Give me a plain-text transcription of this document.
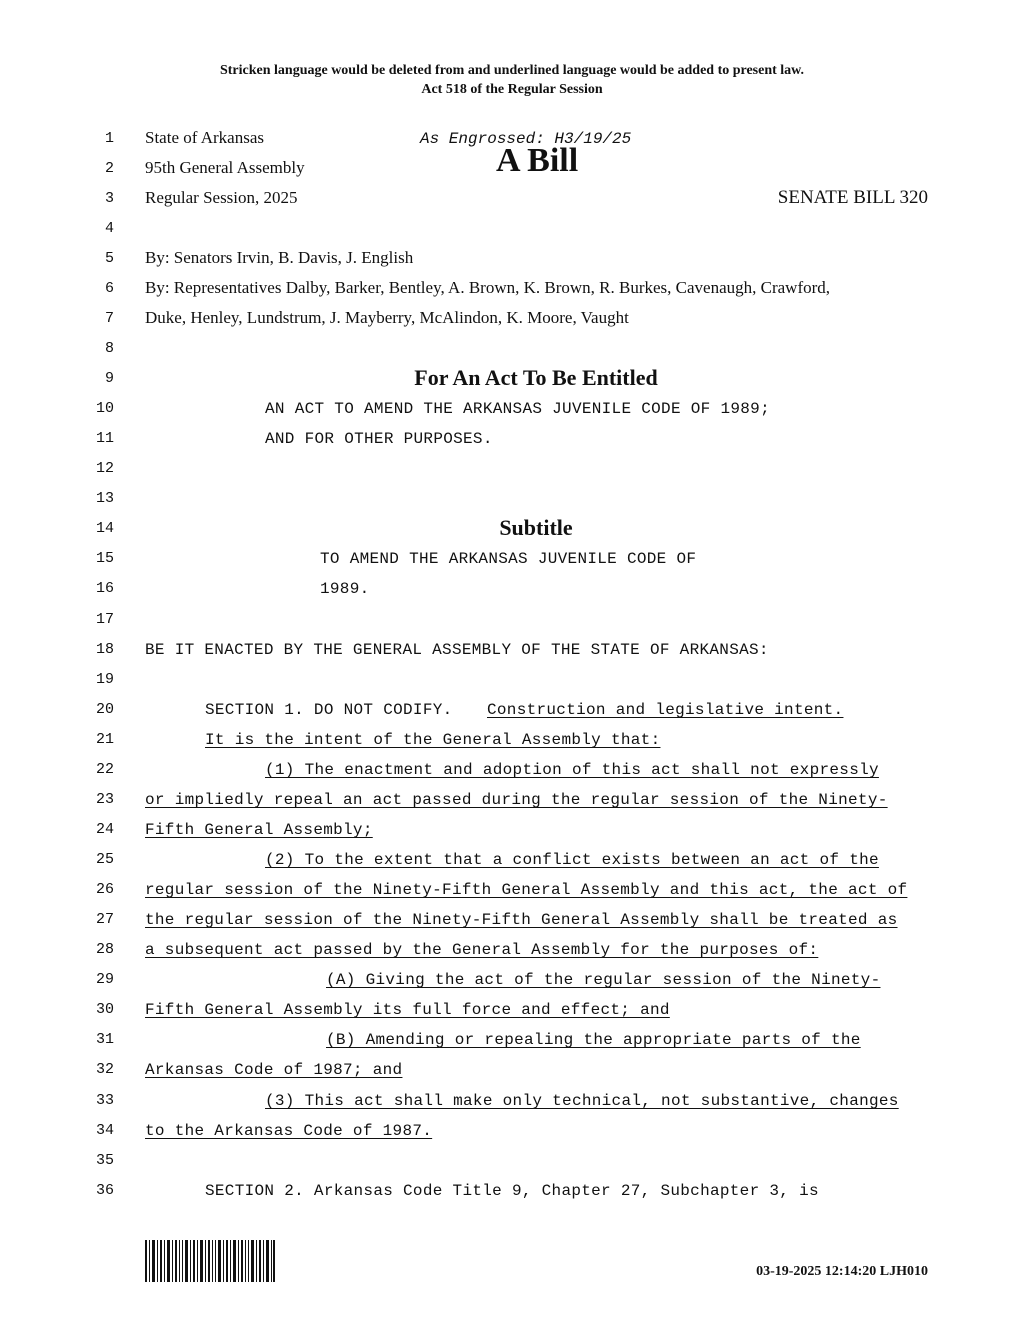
Stricken language would be deleted from and underlined language would be added to present law.
Act 518 of the Regular Session
1
2
3
4
5
6
7
8
9
10
11
12
13
14
15
16
17
18
19
20
21
22
23
24
25
26
27
28
29
30
31
32
33
34
35
36
State of Arkansas	As Engrossed: H3/19/25
95th General Assembly	A Bill
Regular Session, 2025	SENATE BILL 320
By: Senators Irvin, B. Davis, J. English
By: Representatives Dalby, Barker, Bentley, A. Brown, K. Brown, R. Burkes, Cavenaugh, Crawford,
Duke, Henley, Lundstrum, J. Mayberry, McAlindon, K. Moore, Vaught
For An Act To Be Entitled
AN ACT TO AMEND THE ARKANSAS JUVENILE CODE OF 1989;
AND FOR OTHER PURPOSES.
Subtitle
TO AMEND THE ARKANSAS JUVENILE CODE OF
1989.
BE IT ENACTED BY THE GENERAL ASSEMBLY OF THE STATE OF ARKANSAS:
SECTION 1. DO NOT CODIFY. Construction and legislative intent.
It is the intent of the General Assembly that:
(1) The enactment and adoption of this act shall not expressly
or impliedly repeal an act passed during the regular session of the Ninety-
Fifth General Assembly;
(2) To the extent that a conflict exists between an act of the
regular session of the Ninety-Fifth General Assembly and this act, the act of
the regular session of the Ninety-Fifth General Assembly shall be treated as
a subsequent act passed by the General Assembly for the purposes of:
(A) Giving the act of the regular session of the Ninety-
Fifth General Assembly its full force and effect; and
(B) Amending or repealing the appropriate parts of the
Arkansas Code of 1987; and
(3) This act shall make only technical, not substantive, changes
to the Arkansas Code of 1987.
SECTION 2. Arkansas Code Title 9, Chapter 27, Subchapter 3, is
03-19-2025 12:14:20 LJH010
